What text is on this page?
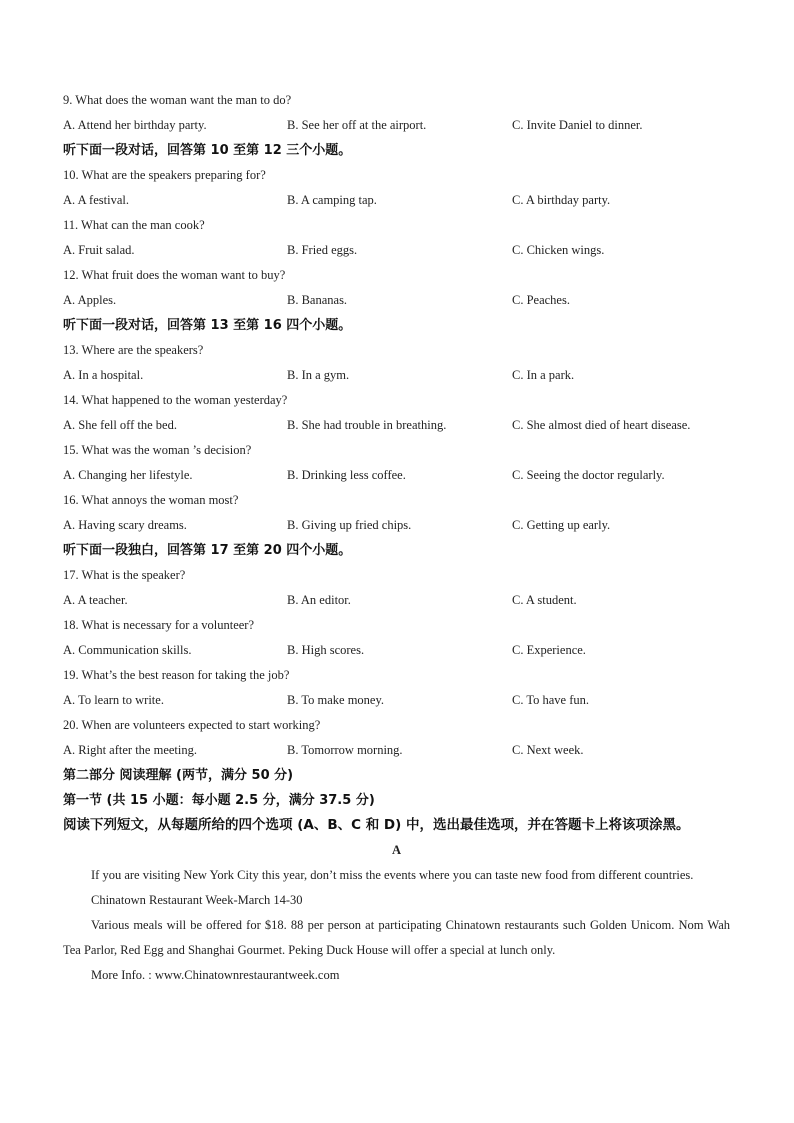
9. What does the woman want the man to do?
A. Attend her birthday party.	B. See her off at the airport.	C. Invite Daniel to dinner.
听下面一段对话，回答第 10 至第 12 三个小题。
10. What are the speakers preparing for?
A. A festival.	B. A camping tap.	C. A birthday party.
11. What can the man cook?
A. Fruit salad.	B. Fried eggs.	C. Chicken wings.
12. What fruit does the woman want to buy?
A. Apples.	B. Bananas.	C. Peaches.
听下面一段对话，回答第 13 至第 16 四个小题。
13. Where are the speakers?
A. In a hospital.	B. In a gym.	C. In a park.
14. What happened to the woman yesterday?
A. She fell off the bed.	B. She had trouble in breathing.	C. She almost died of heart disease.
15. What was the woman ’s decision?
A. Changing her lifestyle.	B. Drinking less coffee.	C. Seeing the doctor regularly.
16. What annoys the woman most?
A. Having scary dreams.	B. Giving up fried chips.	C. Getting up early.
听下面一段独白，回答第 17 至第 20 四个小题。
17. What is the speaker?
A. A teacher.	B. An editor.	C. A student.
18. What is necessary for a volunteer?
A. Communication skills.	B. High scores.	C. Experience.
19. What’s the best reason for taking the job?
A. To learn to write.	B. To make money.	C. To have fun.
20. When are volunteers expected to start working?
A. Right after the meeting.	B. Tomorrow morning.	C. Next week.
第二部分 阅读理解 (两节，满分 50 分)
第一节 (共 15 小题：每小题 2.5 分，满分 37.5 分)

阅读下列短文，从每题所给的四个选项 (A、B、C 和 D) 中，选出最佳选项，并在答题卡上将该项涂黑。

A

If you are visiting New York City this year, don’t miss the events where you can taste new food from different countries.

Chinatown Restaurant Week-March 14-30

Various meals will be offered for $18. 88 per person at participating Chinatown restaurants such Golden Unicom. Nom Wah Tea Parlor, Red Egg and Shanghai Gourmet. Peking Duck House will offer a special at lunch only.

More Info. : www.Chinatownrestaurantweek.com
